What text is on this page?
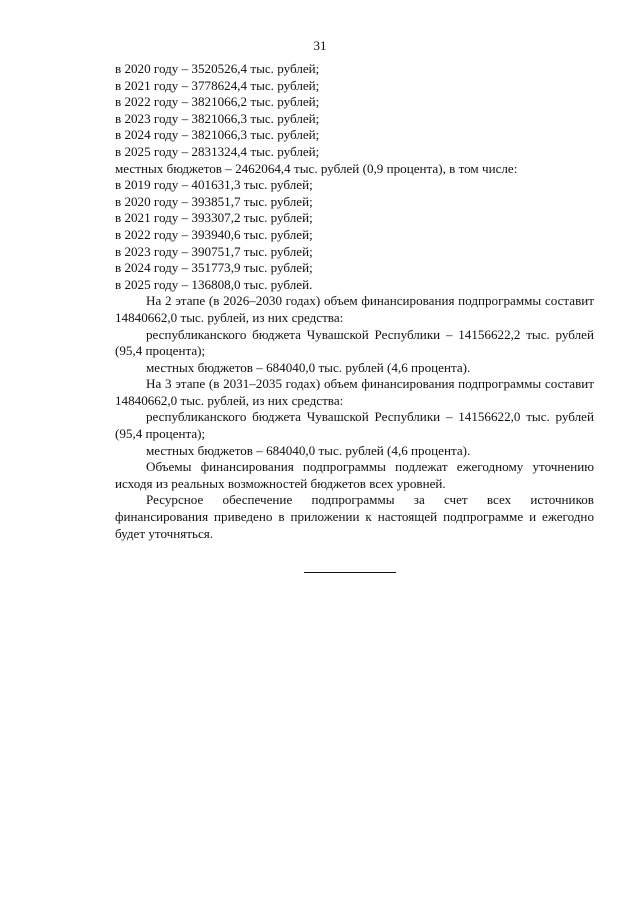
31

в 2020 году – 3520526,4 тыс. рублей;

в 2021 году – 3778624,4 тыс. рублей;

в 2022 году – 3821066,2 тыс. рублей;

в 2023 году – 3821066,3 тыс. рублей;

в 2024 году – 3821066,3 тыс. рублей;

в 2025 году – 2831324,4 тыс. рублей;

местных бюджетов – 2462064,4 тыс. рублей (0,9 процента), в том числе:

в 2019 году – 401631,3 тыс. рублей;

в 2020 году – 393851,7 тыс. рублей;

в 2021 году – 393307,2 тыс. рублей;

в 2022 году – 393940,6 тыс. рублей;

в 2023 году – 390751,7 тыс. рублей;

в 2024 году – 351773,9 тыс. рублей;

в 2025 году – 136808,0 тыс. рублей.

На 2 этапе (в 2026–2030 годах) объем финансирования подпрограммы составит 14840662,0 тыс. рублей, из них средства:

республиканского бюджета Чувашской Республики – 14156622,2 тыс. рублей (95,4 процента);

местных бюджетов – 684040,0 тыс. рублей (4,6 процента).

На 3 этапе (в 2031–2035 годах) объем финансирования подпрограммы составит 14840662,0 тыс. рублей, из них средства:

республиканского бюджета Чувашской Республики – 14156622,0 тыс. рублей (95,4 процента);

местных бюджетов – 684040,0 тыс. рублей (4,6 процента).

Объемы финансирования подпрограммы подлежат ежегодному уточнению исходя из реальных возможностей бюджетов всех уровней.

Ресурсное обеспечение подпрограммы за счет всех источников финансирования приведено в приложении к настоящей подпрограмме и ежегодно будет уточняться.
